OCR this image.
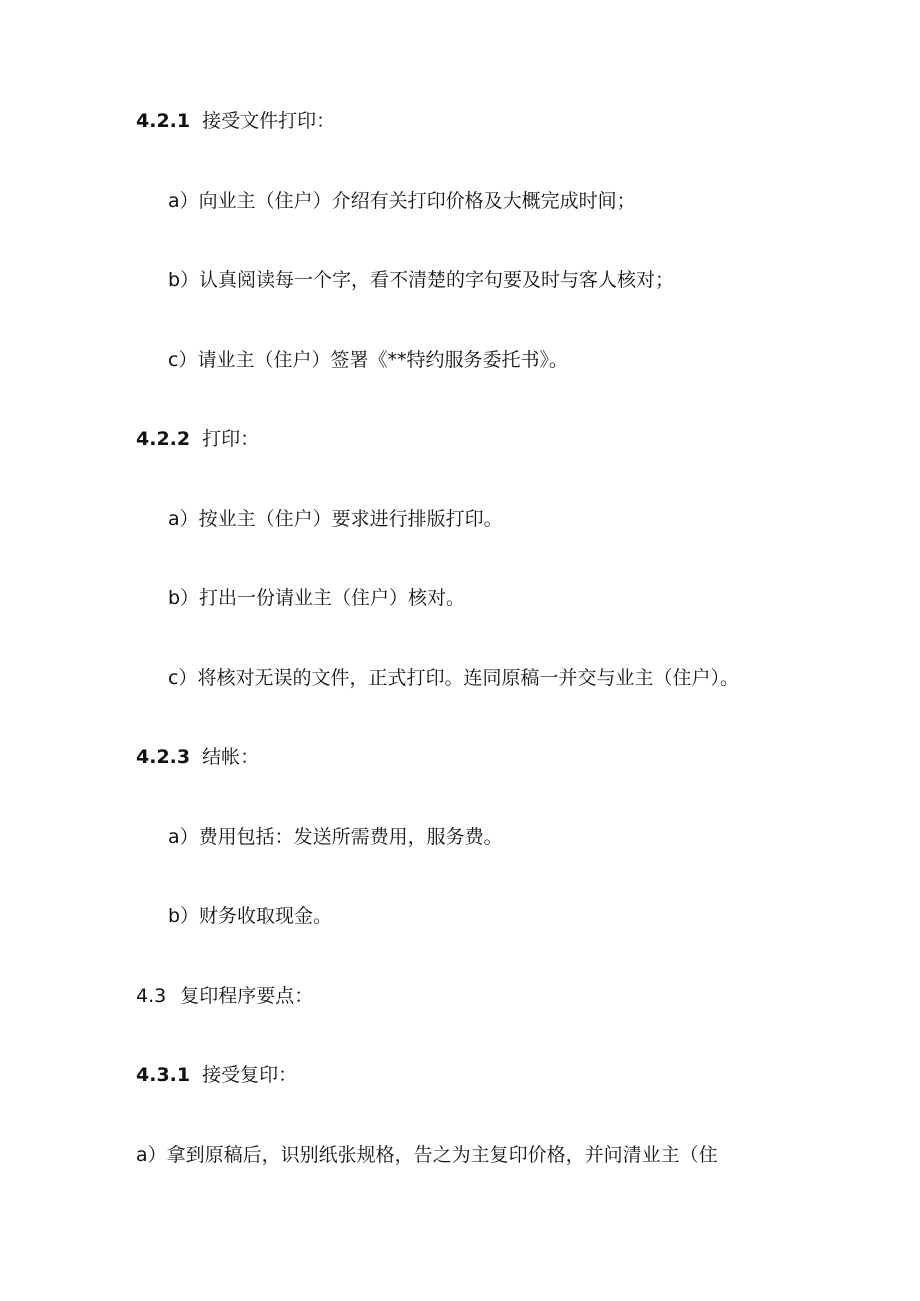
4.2.1 接受文件打印：
a）向业主（住户）介绍有关打印价格及大概完成时间；
b）认真阅读每一个字，看不清楚的字句要及时与客人核对；
c）请业主（住户）签署《**特约服务委托书》。
4.2.2 打印：
a）按业主（住户）要求进行排版打印。
b）打出一份请业主（住户）核对。
c）将核对无误的文件，正式打印。连同原稿一并交与业主（住户）。
4.2.3 结帐：
a）费用包括：发送所需费用，服务费。
b）财务收取现金。
4.3 复印程序要点：
4.3.1 接受复印：
a）拿到原稿后，识别纸张规格，告之为主复印价格，并问清业主（住
